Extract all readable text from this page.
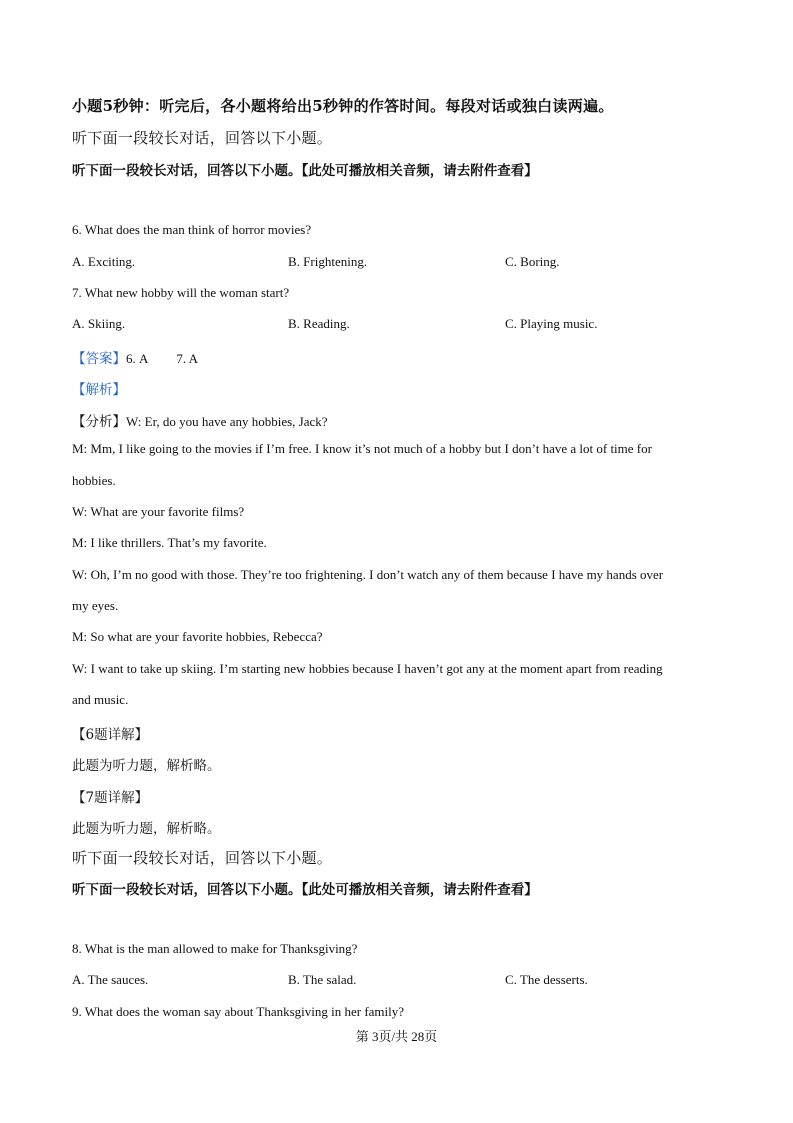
小题5秒钟：听完后，各小题将给出5秒钟的作答时间。每段对话或独白读两遍。
听下面一段较长对话，回答以下小题。
听下面一段较长对话，回答以下小题。【此处可播放相关音频，请去附件查看】
6. What does the man think of horror movies?
A. Exciting.	B. Frightening.	C. Boring.
7. What new hobby will the woman start?
A. Skiing.	B. Reading.	C. Playing music.
【答案】6. A 7. A
【解析】
【分析】W: Er, do you have any hobbies, Jack?
M: Mm, I like going to the movies if I’m free. I know it’s not much of a hobby but I don’t have a lot of time for
hobbies.
W: What are your favorite films?
M: I like thrillers. That’s my favorite.
W: Oh, I’m no good with those. They’re too frightening. I don’t watch any of them because I have my hands over
my eyes.
M: So what are your favorite hobbies, Rebecca?
W: I want to take up skiing. I’m starting new hobbies because I haven’t got any at the moment apart from reading
and music.
【6题详解】
此题为听力题，解析略。
【7题详解】
此题为听力题，解析略。
听下面一段较长对话，回答以下小题。
听下面一段较长对话，回答以下小题。【此处可播放相关音频，请去附件查看】
8. What is the man allowed to make for Thanksgiving?
A. The sauces.	B. The salad.	C. The desserts.
9. What does the woman say about Thanksgiving in her family?
第 3页/共 28页
